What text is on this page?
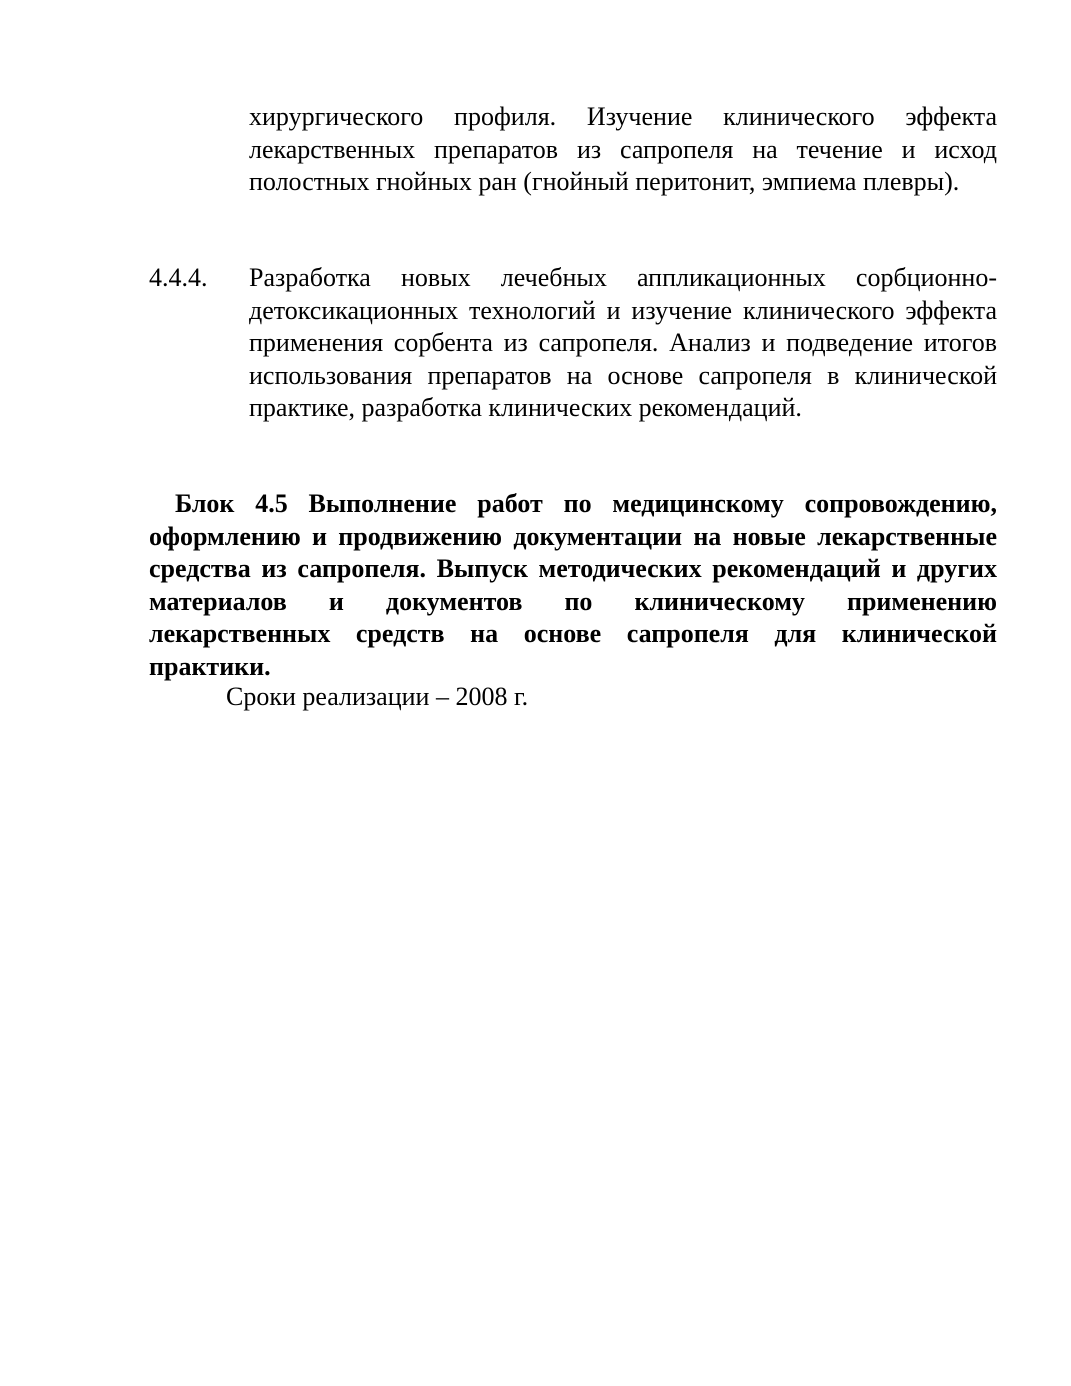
хирургического профиля. Изучение клинического эффекта лекарственных препаратов из сапропеля на течение и исход полостных гнойных ран (гнойный перитонит, эмпиема плевры).
4.4.4. Разработка новых лечебных аппликационных сорбционно-детоксикационных технологий и изучение клинического эффекта применения сорбента из сапропеля. Анализ и подведение итогов использования препаратов на основе сапропеля в клинической практике, разработка клинических рекомендаций.
Блок 4.5 Выполнение работ по медицинскому сопровождению, оформлению и продвижению документации на новые лекарственные средства из сапропеля. Выпуск методических рекомендаций и других материалов и документов по клиническому применению лекарственных средств на основе сапропеля для клинической практики.
Сроки реализации – 2008 г.
